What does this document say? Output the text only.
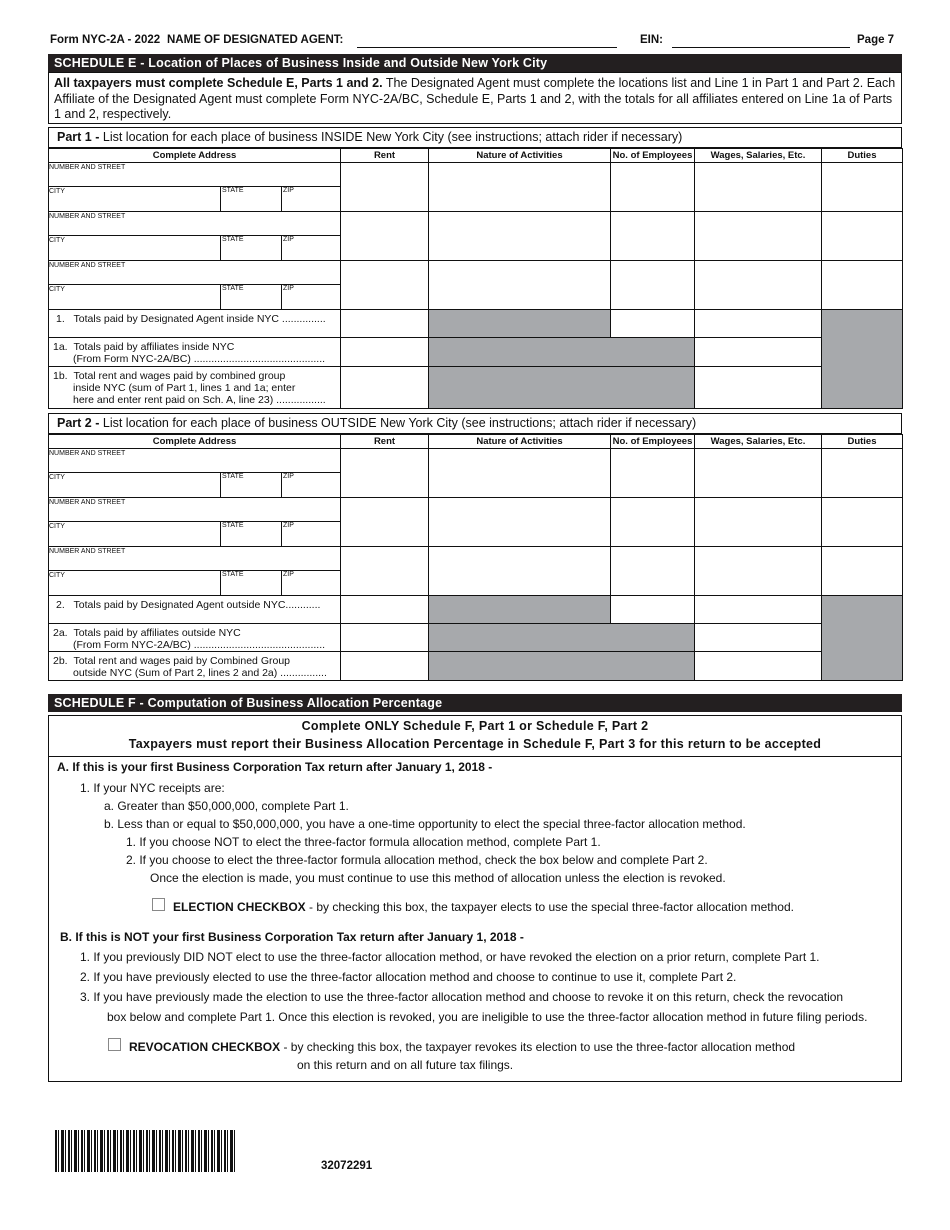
Form NYC-2A - 2022 NAME OF DESIGNATED AGENT:	EIN:	Page 7
SCHEDULE E - Location of Places of Business Inside and Outside New York City
All taxpayers must complete Schedule E, Parts 1 and 2. The Designated Agent must complete the locations list and Line 1 in Part 1 and Part 2. Each Affiliate of the Designated Agent must complete Form NYC-2A/BC, Schedule E, Parts 1 and 2, with the totals for all affiliates entered on Line 1a of Parts 1 and 2, respectively.
Part 1 - List location for each place of business INSIDE New York City (see instructions; attach rider if necessary)
Complete Address	Rent	Nature of Activities	No. of Employees	Wages, Salaries, Etc.	Duties

NUMBER AND STREET
CITY STATE ZIP					

NUMBER AND STREET
CITY STATE ZIP					

NUMBER AND STREET
CITY STATE ZIP					

1. Totals paid by Designated Agent inside NYC ...............					
1a. Totals paid by affiliates inside NYC
(From Form NYC-2A/BC) .............................................					

1b. Total rent and wages paid by combined group
inside NYC (sum of Part 1, lines 1 and 1a; enter
here and enter rent paid on Sch. A, line 23) .................					

Part 2 - List location for each place of business OUTSIDE New York City (see instructions; attach rider if necessary)
Complete Address	Rent	Nature of Activities	No. of Employees	Wages, Salaries, Etc.	Duties

NUMBER AND STREET
CITY STATE ZIP					

NUMBER AND STREET
CITY STATE ZIP					

NUMBER AND STREET
CITY STATE ZIP					

2. Totals paid by Designated Agent outside NYC............					
2a. Totals paid by affiliates outside NYC
(From Form NYC-2A/BC) .............................................					

2b. Total rent and wages paid by Combined Group
outside NYC (Sum of Part 2, lines 2 and 2a) ................					

SCHEDULE F - Computation of Business Allocation Percentage
Complete ONLY Schedule F, Part 1 or Schedule F, Part 2
Taxpayers must report their Business Allocation Percentage in Schedule F, Part 3 for this return to be accepted
A. If this is your first Business Corporation Tax return after January 1, 2018 -
1. If your NYC receipts are:
a. Greater than $50,000,000, complete Part 1.
b. Less than or equal to $50,000,000, you have a one-time opportunity to elect the special three-factor allocation method.
1. If you choose NOT to elect the three-factor formula allocation method, complete Part 1.
2. If you choose to elect the three-factor formula allocation method, check the box below and complete Part 2.
Once the election is made, you must continue to use this method of allocation unless the election is revoked.
ELECTION CHECKBOX - by checking this box, the taxpayer elects to use the special three-factor allocation method.
B. If this is NOT your first Business Corporation Tax return after January 1, 2018 -
1. If you previously DID NOT elect to use the three-factor allocation method, or have revoked the election on a prior return, complete Part 1.
2. If you have previously elected to use the three-factor allocation method and choose to continue to use it, complete Part 2.
3. If you have previously made the election to use the three-factor allocation method and choose to revoke it on this return, check the revocation
box below and complete Part 1. Once this election is revoked, you are ineligible to use the three-factor allocation method in future filing periods.
REVOCATION CHECKBOX - by checking this box, the taxpayer revokes its election to use the three-factor allocation method
on this return and on all future tax filings.
32072291
